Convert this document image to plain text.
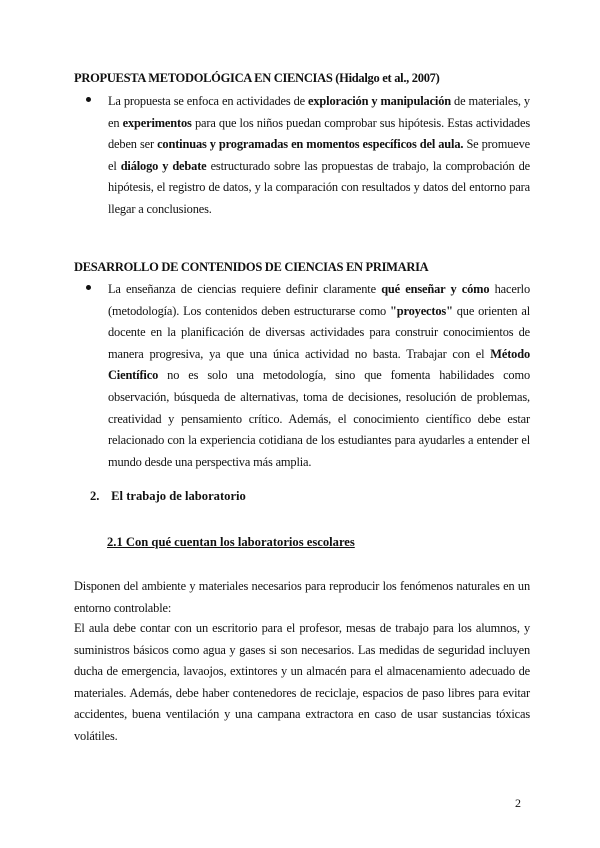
PROPUESTA METODOLÓGICA EN CIENCIAS (Hidalgo et al., 2007)
La propuesta se enfoca en actividades de exploración y manipulación de materiales, y en experimentos para que los niños puedan comprobar sus hipótesis. Estas actividades deben ser continuas y programadas en momentos específicos del aula. Se promueve el diálogo y debate estructurado sobre las propuestas de trabajo, la comprobación de hipótesis, el registro de datos, y la comparación con resultados y datos del entorno para llegar a conclusiones.
DESARROLLO DE CONTENIDOS DE CIENCIAS EN PRIMARIA
La enseñanza de ciencias requiere definir claramente qué enseñar y cómo hacerlo (metodología). Los contenidos deben estructurarse como "proyectos" que orienten al docente en la planificación de diversas actividades para construir conocimientos de manera progresiva, ya que una única actividad no basta. Trabajar con el Método Científico no es solo una metodología, sino que fomenta habilidades como observación, búsqueda de alternativas, toma de decisiones, resolución de problemas, creatividad y pensamiento crítico. Además, el conocimiento científico debe estar relacionado con la experiencia cotidiana de los estudiantes para ayudarles a entender el mundo desde una perspectiva más amplia.
2. El trabajo de laboratorio
2.1 Con qué cuentan los laboratorios escolares
Disponen del ambiente y materiales necesarios para reproducir los fenómenos naturales en un entorno controlable:
El aula debe contar con un escritorio para el profesor, mesas de trabajo para los alumnos, y suministros básicos como agua y gases si son necesarios. Las medidas de seguridad incluyen ducha de emergencia, lavaojos, extintores y un almacén para el almacenamiento adecuado de materiales. Además, debe haber contenedores de reciclaje, espacios de paso libres para evitar accidentes, buena ventilación y una campana extractora en caso de usar sustancias tóxicas volátiles.
2
